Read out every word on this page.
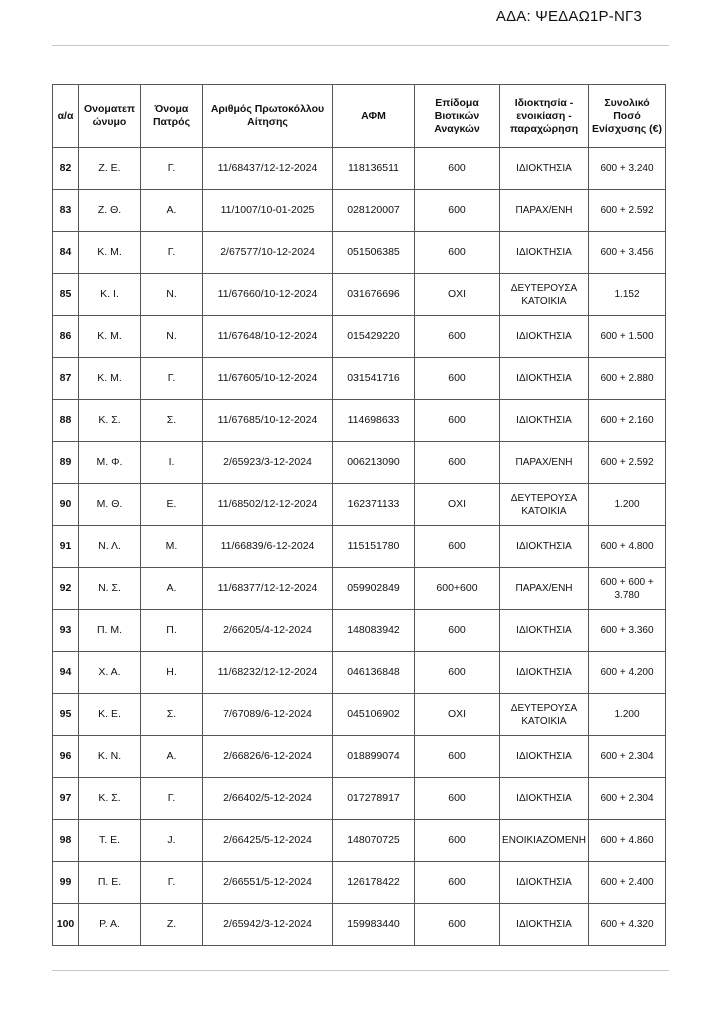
ΑΔΑ: ΨΕΔΑΩ1Ρ-ΝΓ3
α/α	Ονοματεπ ώνυμο	Όνομα Πατρός	Αριθμός Πρωτοκόλλου Αίτησης	ΑΦΜ	Επίδομα Βιοτικών Αναγκών	Ιδιοκτησία - ενοικίαση - παραχώρηση	Συνολικό Ποσό Ενίσχυσης (€)
82	Ζ. Ε.	Γ.	11/68437/12-12-2024	118136511	600	ΙΔΙΟΚΤΗΣΙΑ	600 + 3.240
83	Ζ. Θ.	Α.	11/1007/10-01-2025	028120007	600	ΠΑΡΑΧ/ΕΝΗ	600 + 2.592
84	Κ. Μ.	Γ.	2/67577/10-12-2024	051506385	600	ΙΔΙΟΚΤΗΣΙΑ	600 + 3.456
85	Κ. Ι.	Ν.	11/67660/10-12-2024	031676696	ΟΧΙ	ΔΕΥΤΕΡΟΥΣΑ ΚΑΤΟΙΚΙΑ	1.152
86	Κ. Μ.	Ν.	11/67648/10-12-2024	015429220	600	ΙΔΙΟΚΤΗΣΙΑ	600 + 1.500
87	Κ. Μ.	Γ.	11/67605/10-12-2024	031541716	600	ΙΔΙΟΚΤΗΣΙΑ	600 + 2.880
88	Κ. Σ.	Σ.	11/67685/10-12-2024	114698633	600	ΙΔΙΟΚΤΗΣΙΑ	600 + 2.160
89	Μ. Φ.	Ι.	2/65923/3-12-2024	006213090	600	ΠΑΡΑΧ/ΕΝΗ	600 + 2.592
90	Μ. Θ.	Ε.	11/68502/12-12-2024	162371133	ΟΧΙ	ΔΕΥΤΕΡΟΥΣΑ ΚΑΤΟΙΚΙΑ	1.200
91	Ν. Λ.	Μ.	11/66839/6-12-2024	115151780	600	ΙΔΙΟΚΤΗΣΙΑ	600 + 4.800
92	Ν. Σ.	Α.	11/68377/12-12-2024	059902849	600+600	ΠΑΡΑΧ/ΕΝΗ	600 + 600 + 3.780
93	Π. Μ.	Π.	2/66205/4-12-2024	148083942	600	ΙΔΙΟΚΤΗΣΙΑ	600 + 3.360
94	Χ. Α.	Η.	11/68232/12-12-2024	046136848	600	ΙΔΙΟΚΤΗΣΙΑ	600 + 4.200
95	Κ. Ε.	Σ.	7/67089/6-12-2024	045106902	ΟΧΙ	ΔΕΥΤΕΡΟΥΣΑ ΚΑΤΟΙΚΙΑ	1.200
96	Κ. Ν.	Α.	2/66826/6-12-2024	018899074	600	ΙΔΙΟΚΤΗΣΙΑ	600 + 2.304
97	Κ. Σ.	Γ.	2/66402/5-12-2024	017278917	600	ΙΔΙΟΚΤΗΣΙΑ	600 + 2.304
98	Τ. Ε.	J.	2/66425/5-12-2024	148070725	600	ΕΝΟΙΚΙΑΖΟΜΕΝΗ	600 + 4.860
99	Π. Ε.	Γ.	2/66551/5-12-2024	126178422	600	ΙΔΙΟΚΤΗΣΙΑ	600 + 2.400
100	Ρ. Α.	Ζ.	2/65942/3-12-2024	159983440	600	ΙΔΙΟΚΤΗΣΙΑ	600 + 4.320
